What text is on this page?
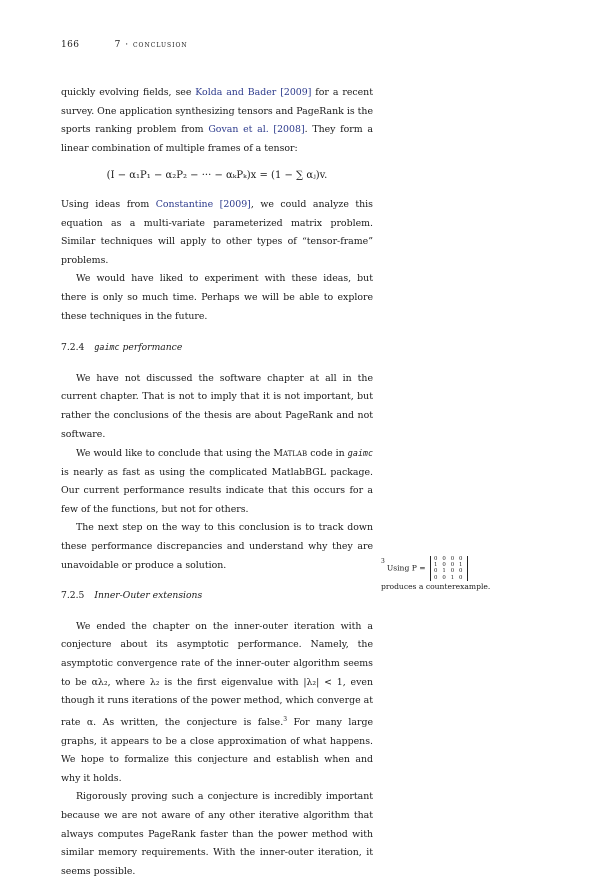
166	7 · conclusion

quickly evolving fields, see Kolda and Bader [2009] for a recent survey. One application synthesizing tensors and PageRank is the sports ranking problem from Govan et al. [2008]. They form a linear combination of multiple frames of a tensor:

(I − α₁P₁ − α₂P₂ − ··· − αₖPₖ)x = (1 − ∑ αⱼ)v.

Using ideas from Constantine [2009], we could analyze this equation as a multi-variate parameterized matrix problem. Similar techniques will apply to other types of “tensor-frame” problems.

We would have liked to experiment with these ideas, but there is only so much time. Perhaps we will be able to explore these techniques in the future.

7.2.4 gaimc performance

We have not discussed the software chapter at all in the current chapter. That is not to imply that it is not important, but rather the conclusions of the thesis are about PageRank and not software.

We would like to conclude that using the Matlab code in gaimc is nearly as fast as using the complicated MatlabBGL package. Our current performance results indicate that this occurs for a few of the functions, but not for others.

The next step on the way to this conclusion is to track down these performance discrepancies and understand why they are unavoidable or produce a solution.

7.2.5 Inner-Outer extensions

We ended the chapter on the inner-outer iteration with a conjecture about its asymptotic performance. Namely, the asymptotic convergence rate of the inner-outer algorithm seems to be αλ₂, where λ₂ is the first eigenvalue with |λ₂| < 1, even though it runs iterations of the power method, which converge at rate α. As written, the conjecture is false.$^3$ For many large graphs, it appears to be a close approximation of what happens. We hope to formalize this conjecture and establish when and why it holds.

Rigorously proving such a conjecture is incredibly important because we are not aware of any other iterative algorithm that always computes PageRank faster than the power method with similar memory requirements. With the inner-outer iteration, it seems possible.

$^3$Using P =
0 0 0 0
1 0 0 1
0 1 0 0
0 0 1 0
produces a counterexample.
